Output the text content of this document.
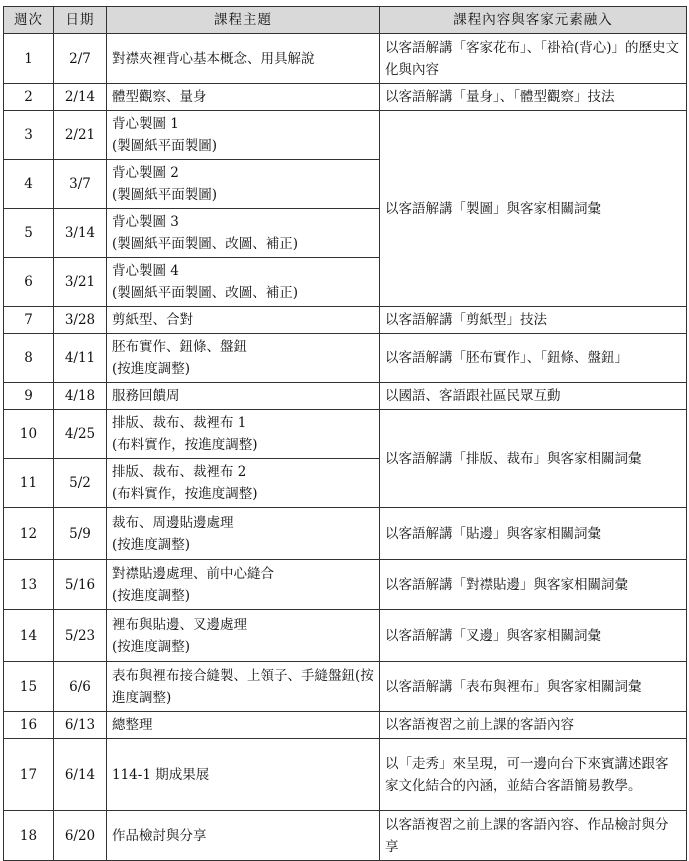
週次	日期	課程主題	課程內容與客家元素融入
1	2/7	對襟夾裡背心基本概念、用具解說	以客語解講「客家花布」、「褂袷(背心)」的歷史文化與內容

2	2/14	體型觀察、量身	以客語解講「量身」、「體型觀察」技法

3	2/21	背心製圖 1
(製圖紙平面製圖)	以客語解講「製圖」與客家相關詞彙

4	3/7	背心製圖 2
(製圖紙平面製圖)	

5	3/14	背心製圖 3
(製圖紙平面製圖、改圖、補正)	

6	3/21	背心製圖 4
(製圖紙平面製圖、改圖、補正)	

7	3/28	剪紙型、合對	以客語解講「剪紙型」技法

8	4/11	胚布實作、鈕條、盤鈕
(按進度調整)	以客語解講「胚布實作」、「鈕條、盤鈕」

9	4/18	服務回饋周	以國語、客語跟社區民眾互動

10	4/25	排版、裁布、裁裡布 1
(布料實作，按進度調整)	以客語解講「排版、裁布」與客家相關詞彙

11	5/2	排版、裁布、裁裡布 2
(布料實作，按進度調整)	

12	5/9	裁布、周邊貼邊處理
(按進度調整)	以客語解講「貼邊」與客家相關詞彙

13	5/16	對襟貼邊處理、前中心縫合
(按進度調整)	以客語解講「對襟貼邊」與客家相關詞彙

14	5/23	裡布與貼邊、叉邊處理
(按進度調整)	以客語解講「叉邊」與客家相關詞彙

15	6/6	表布與裡布接合縫製、上領子、手縫盤鈕(按進度調整)	以客語解講「表布與裡布」與客家相關詞彙

16	6/13	總整理	以客語複習之前上課的客語內容

17	6/14	114-1 期成果展	以「走秀」來呈現，可一邊向台下來賓講述跟客家文化結合的內涵，並結合客語簡易教學。

18	6/20	作品檢討與分享	以客語複習之前上課的客語內容、作品檢討與分享
